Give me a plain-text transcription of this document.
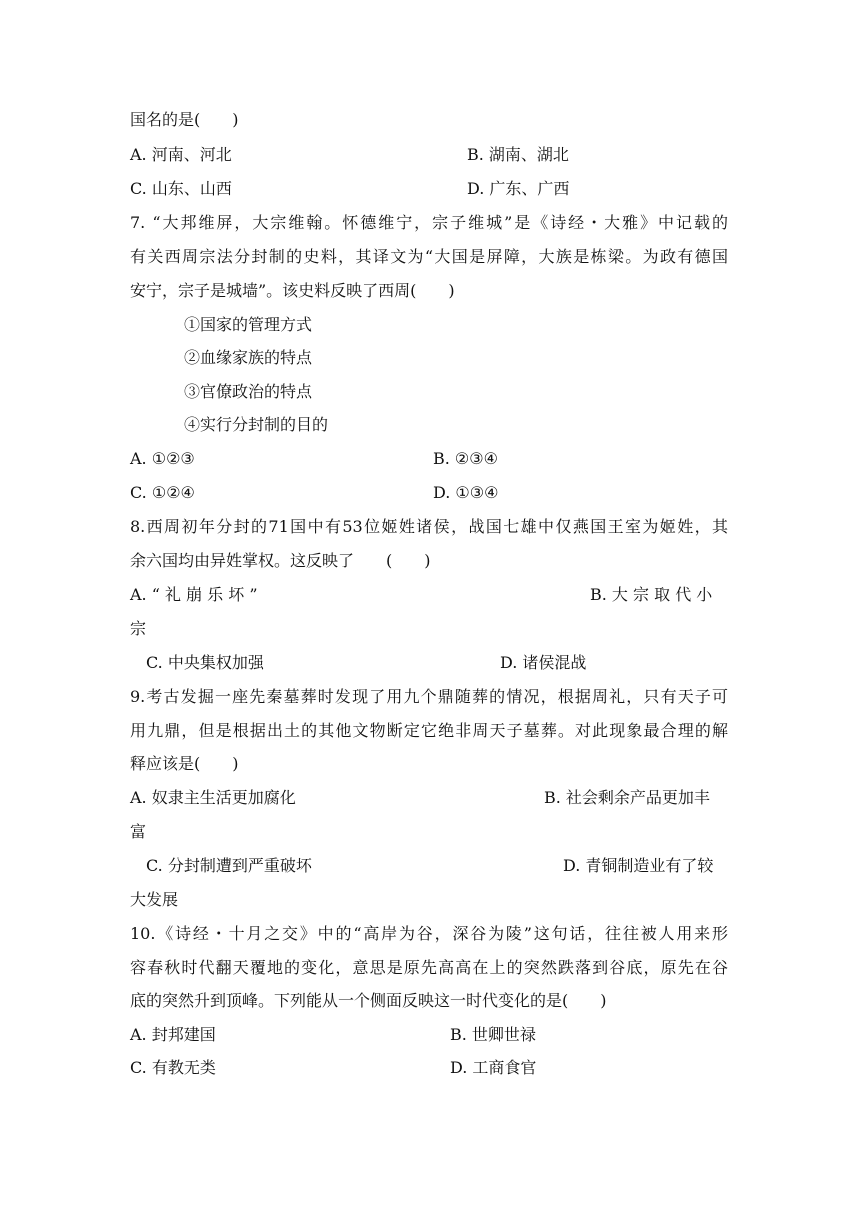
国名的是(　　)
A. 河南、河北	B. 湖南、湖北
C. 山东、山西	D. 广东、广西
7. “大邦维屏，大宗维翰。怀德维宁，宗子维城”是《诗经・大雅》中记载的
有关西周宗法分封制的史料，其译文为“大国是屏障，大族是栋梁。为政有德国
安宁，宗子是城墙”。该史料反映了西周(　　)
①国家的管理方式
②血缘家族的特点
③官僚政治的特点
④实行分封制的目的
A. ①②③	B. ②③④
C. ①②④	D. ①③④
8.西周初年分封的71国中有53位姬姓诸侯，战国七雄中仅燕国王室为姬姓，其
余六国均由异姓掌权。这反映了　　(　　)
A. “ 礼 崩 乐 坏 ”	B. 大 宗 取 代 小
宗
C. 中央集权加强	D. 诸侯混战
9.考古发掘一座先秦墓葬时发现了用九个鼎随葬的情况，根据周礼，只有天子可
用九鼎，但是根据出土的其他文物断定它绝非周天子墓葬。对此现象最合理的解
释应该是(　　)
A. 奴隶主生活更加腐化	B. 社会剩余产品更加丰
富
C. 分封制遭到严重破坏	D. 青铜制造业有了较
大发展
10.《诗经・十月之交》中的“高岸为谷，深谷为陵”这句话，往往被人用来形
容春秋时代翻天覆地的变化，意思是原先高高在上的突然跌落到谷底，原先在谷
底的突然升到顶峰。下列能从一个侧面反映这一时代变化的是(　　)
A. 封邦建国	B. 世卿世禄
C. 有教无类	D. 工商食官
